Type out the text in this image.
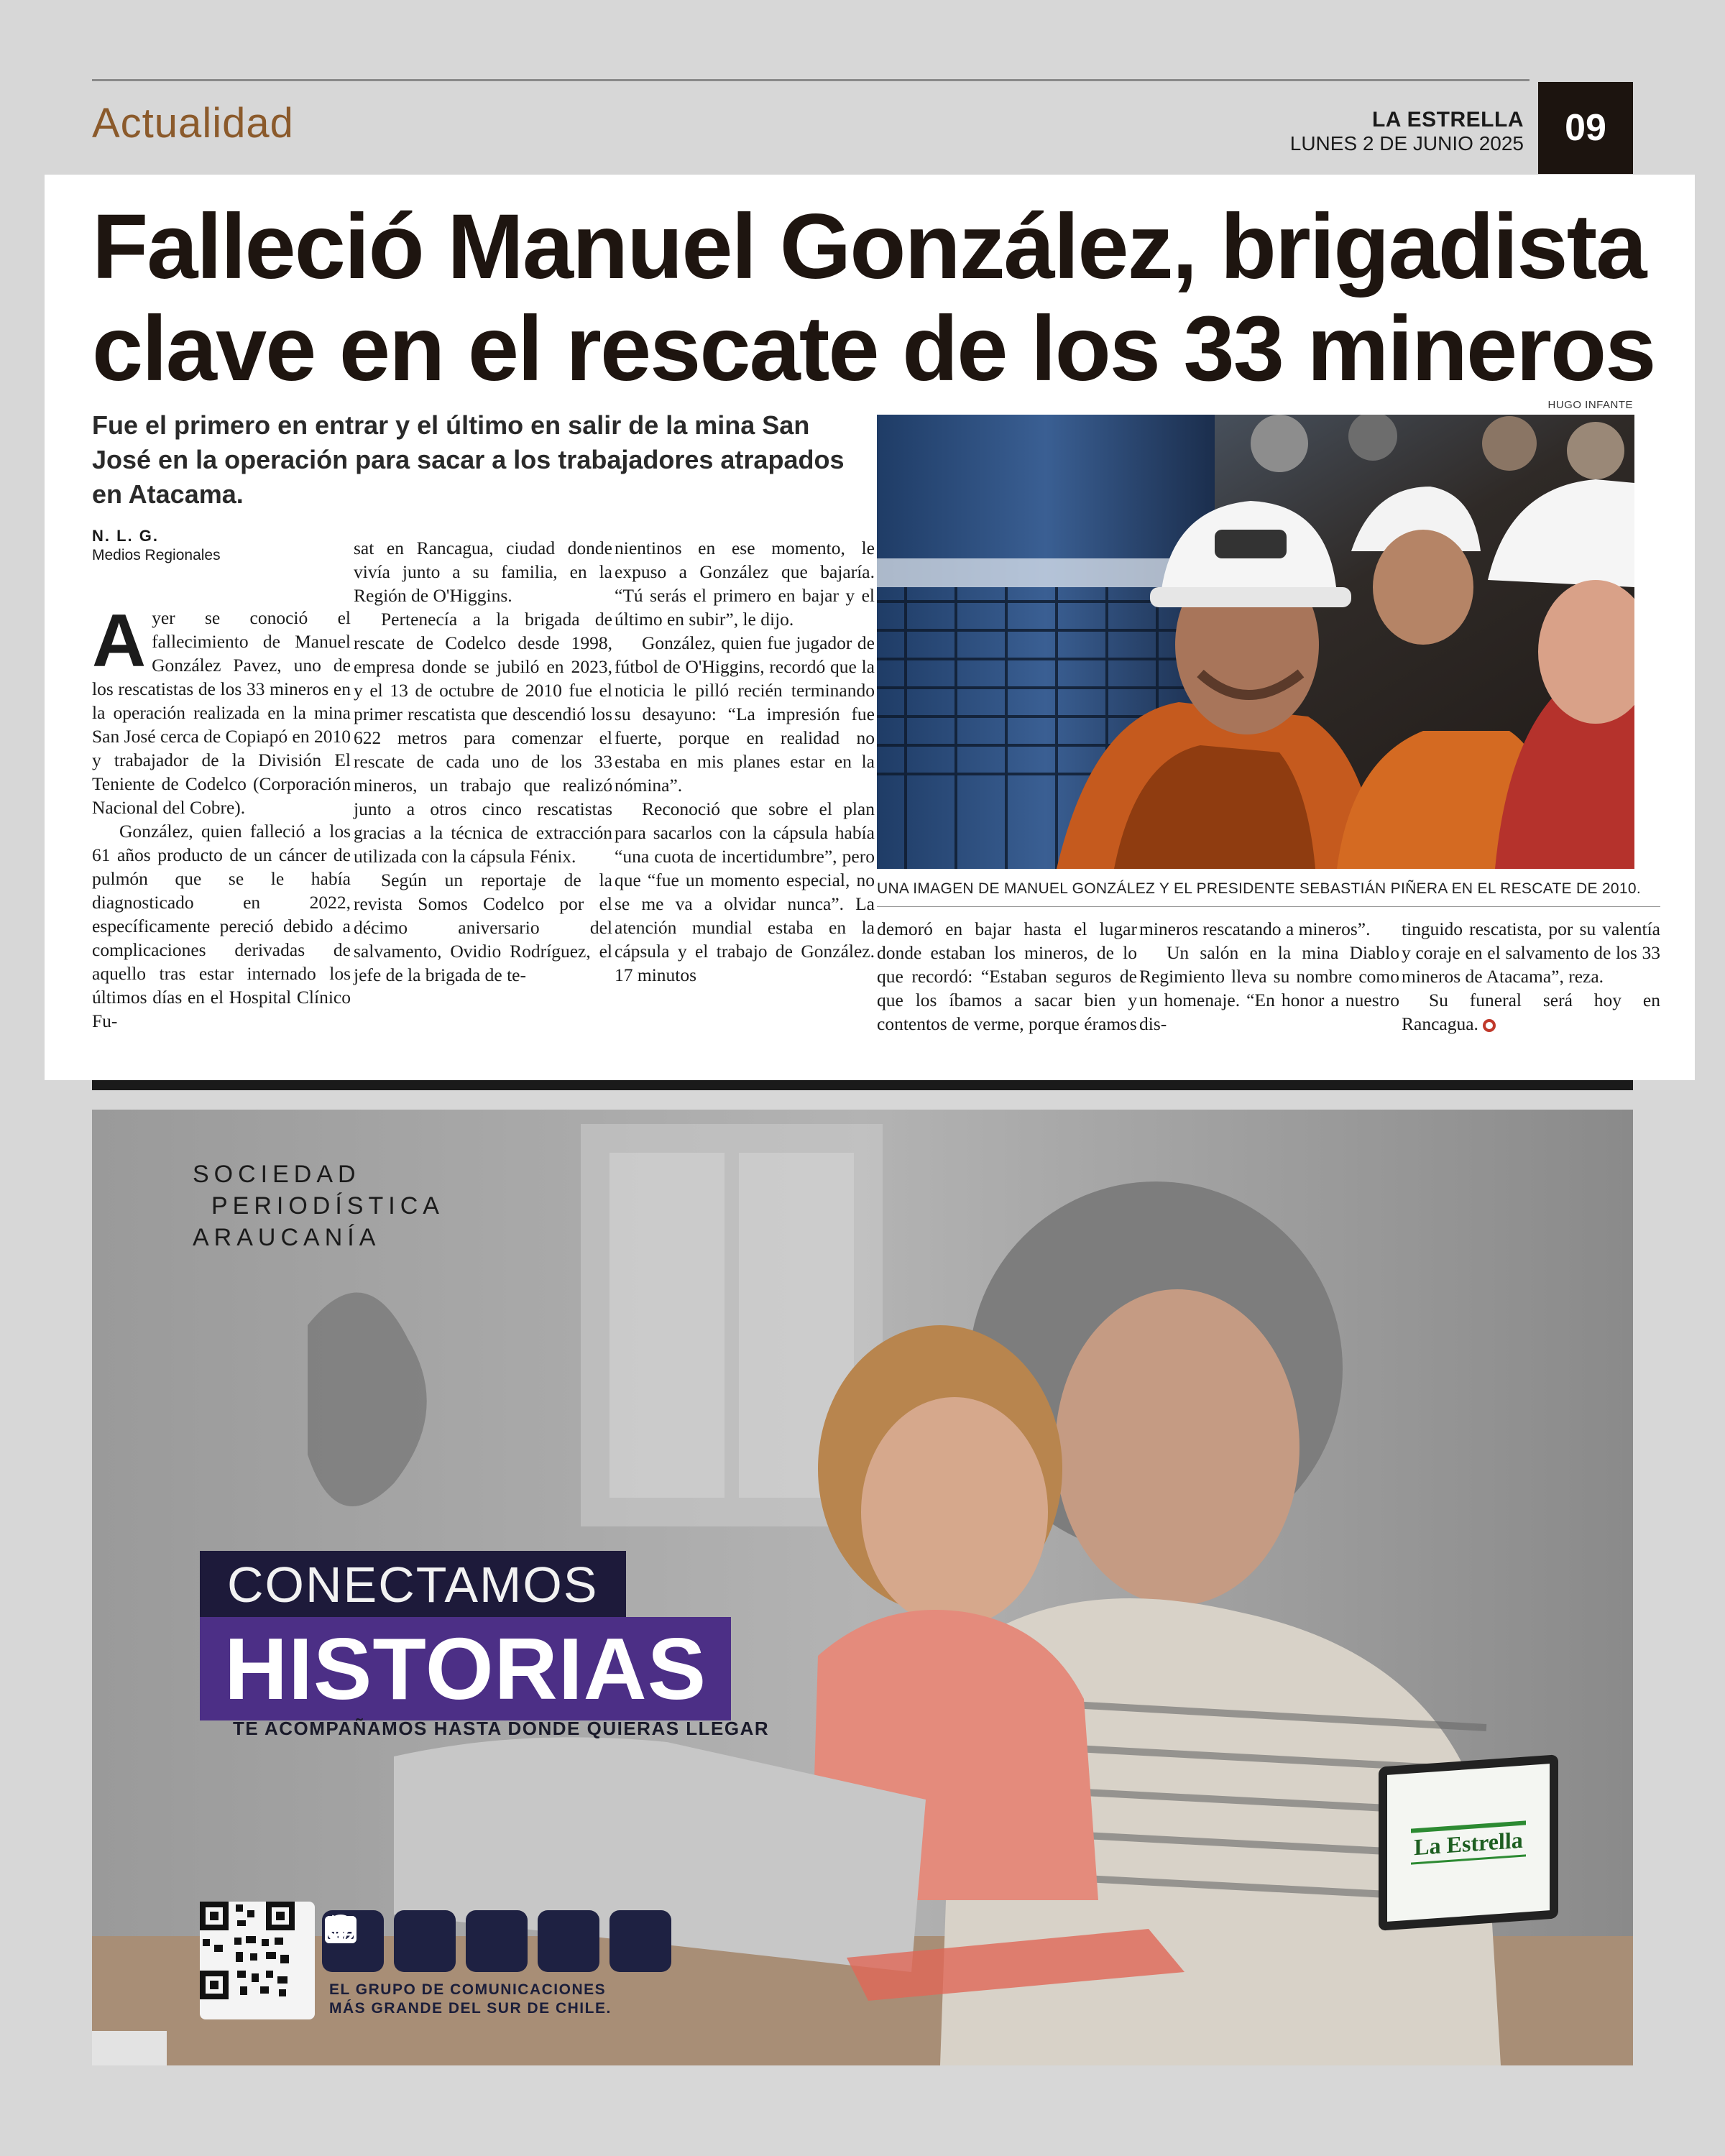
Actualidad	LA ESTRELLA
LUNES 2 DE JUNIO 2025	09
Falleció Manuel González, brigadista
clave en el rescate de los 33 mineros
Fue el primero en entrar y el último en salir de la mina San José en la operación para sacar a los trabajadores atrapados en Atacama.
N. L. G.
Medios Regionales

Ayer se conoció el fallecimiento de Manuel González Pavez, uno de los rescatistas de los 33 mineros en la operación realizada en la mina San José cerca de Copiapó en 2010 y trabajador de la División El Teniente de Codelco (Corporación Nacional del Cobre).

González, quien falleció a los 61 años producto de un cáncer de pulmón que se le había diagnosticado en 2022, específicamente pereció debido a complicaciones derivadas de aquello tras estar internado los últimos días en el Hospital Clínico Fu-

sat en Rancagua, ciudad donde vivía junto a su familia, en la Región de O'Higgins.

Pertenecía a la brigada de rescate de Codelco desde 1998, empresa donde se jubiló en 2023, y el 13 de octubre de 2010 fue el primer rescatista que descendió los 622 metros para comenzar el rescate de cada uno de los 33 mineros, un trabajo que realizó junto a otros cinco rescatistas gracias a la técnica de extracción utilizada con la cápsula Fénix.

Según un reportaje de la revista Somos Codelco por el décimo aniversario del salvamento, Ovidio Rodríguez, el jefe de la brigada de te-

nientinos en ese momento, le expuso a González que bajaría. “Tú serás el primero en bajar y el último en subir”, le dijo.

González, quien fue jugador de fútbol de O'Higgins, recordó que la noticia le pilló recién terminando su desayuno: “La impresión fue fuerte, porque en realidad no estaba en mis planes estar en la nómina”.

Reconoció que sobre el plan para sacarlos con la cápsula había “una cuota de incertidumbre”, pero que “fue un momento especial, no se me va a olvidar nunca”. La atención mundial estaba en la cápsula y el trabajo de González. 17 minutos

HUGO INFANTE
UNA IMAGEN DE MANUEL GONZÁLEZ Y EL PRESIDENTE SEBASTIÁN PIÑERA EN EL RESCATE DE 2010.

demoró en bajar hasta el lugar donde estaban los mineros, de lo que recordó: “Estaban seguros de que los íbamos a sacar bien y contentos de verme, porque éramos

mineros rescatando a mineros”.

Un salón en la mina Diablo Regimiento lleva su nombre como un homenaje. “En honor a nuestro dis-

tinguido rescatista, por su valentía y coraje en el salvamento de los 33 mineros de Atacama”, reza.

Su funeral será hoy en Rancagua.

SOCIEDAD
PERIODÍSTICA
ARAUCANÍA
CONECTAMOS
HISTORIAS
TE ACOMPAÑAMOS HASTA DONDE QUIERAS LLEGAR
La Estrella
EL GRUPO DE COMUNICACIONES
MÁS GRANDE DEL SUR DE CHILE.
